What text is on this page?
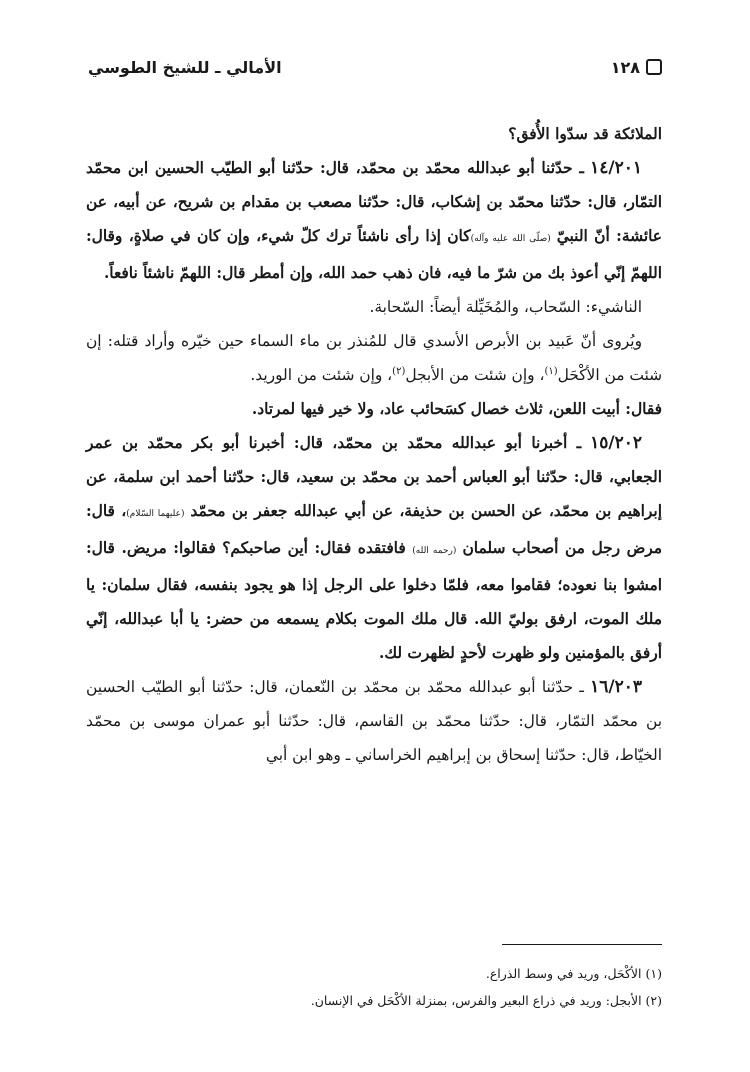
١٢٨
الأمالي ـ للشيخ الطوسي

الملائكة قد سدّوا الأُفق؟

١٤/٢٠١ ـ حدّثنا أبو عبدالله محمّد بن محمّد، قال: حدّثنا أبو الطيّب الحسين ابن محمّد التمّار، قال: حدّثنا محمّد بن إشكاب، قال: حدّثنا مصعب بن مقدام بن شريح، عن أبيه، عن عائشة: أنّ النبيّ (صلّى الله عليه وآله)كان إذا رأى ناشئاً ترك كلّ شيء، وإن كان في صلاةٍ، وقال: اللهمّ إنّي أعوذ بك من شرّ ما فيه، فان ذهب حمد الله، وإن أمطر قال: اللهمّ ناشئاً نافعاً.

الناشيء: السّحاب، والمُخَيِّلة أيضاً: السّحابة.

ويُروى أنّ عَبيد بن الأبرص الأسدي قال للمُنذر بن ماء السماء حين خيّره وأراد قتله: إن شئت من الأكْحَل$^{(١)}$، وإن شئت من الأبجل$^{(٢)}$، وإن شئت من الوريد.

فقال: أبيت اللعن، ثلاث خصال كسَحائب عاد، ولا خير فيها لمرتاد.

١٥/٢٠٢ ـ أخبرنا أبو عبدالله محمّد بن محمّد، قال: أخبرنا أبو بكر محمّد بن عمر الجعابي، قال: حدّثنا أبو العباس أحمد بن محمّد بن سعيد، قال: حدّثنا أحمد ابن سلمة، عن إبراهيم بن محمّد، عن الحسن بن حذيفة، عن أبي عبدالله جعفر بن محمّد (عليهما السّلام)، قال: مرض رجل من أصحاب سلمان (رحمه الله) فافتقده فقال: أين صاحبكم؟ فقالوا: مريض. قال: امشوا بنا نعوده؛ فقاموا معه، فلمّا دخلوا على الرجل إذا هو يجود بنفسه، فقال سلمان: يا ملك الموت، ارفق بوليّ الله. قال ملك الموت بكلام يسمعه من حضر: يا أبا عبدالله، إنّي أرفق بالمؤمنين ولو ظهرت لأحدٍ لظهرت لك.

١٦/٢٠٣ ـ حدّثنا أبو عبدالله محمّد بن محمّد بن النّعمان، قال: حدّثنا أبو الطيّب الحسين بن محمّد التمّار، قال: حدّثنا محمّد بن القاسم، قال: حدّثنا أبو عمران موسى بن محمّد الخيّاط، قال: حدّثنا إسحاق بن إبراهيم الخراساني ـ وهو ابن أبي

(١) الأكْحَل، وريد في وسط الذراع.

(٢) الأبجل: وريد في ذراع البعير والفرس، بمنزلة الأكْحَل في الإنسان.
